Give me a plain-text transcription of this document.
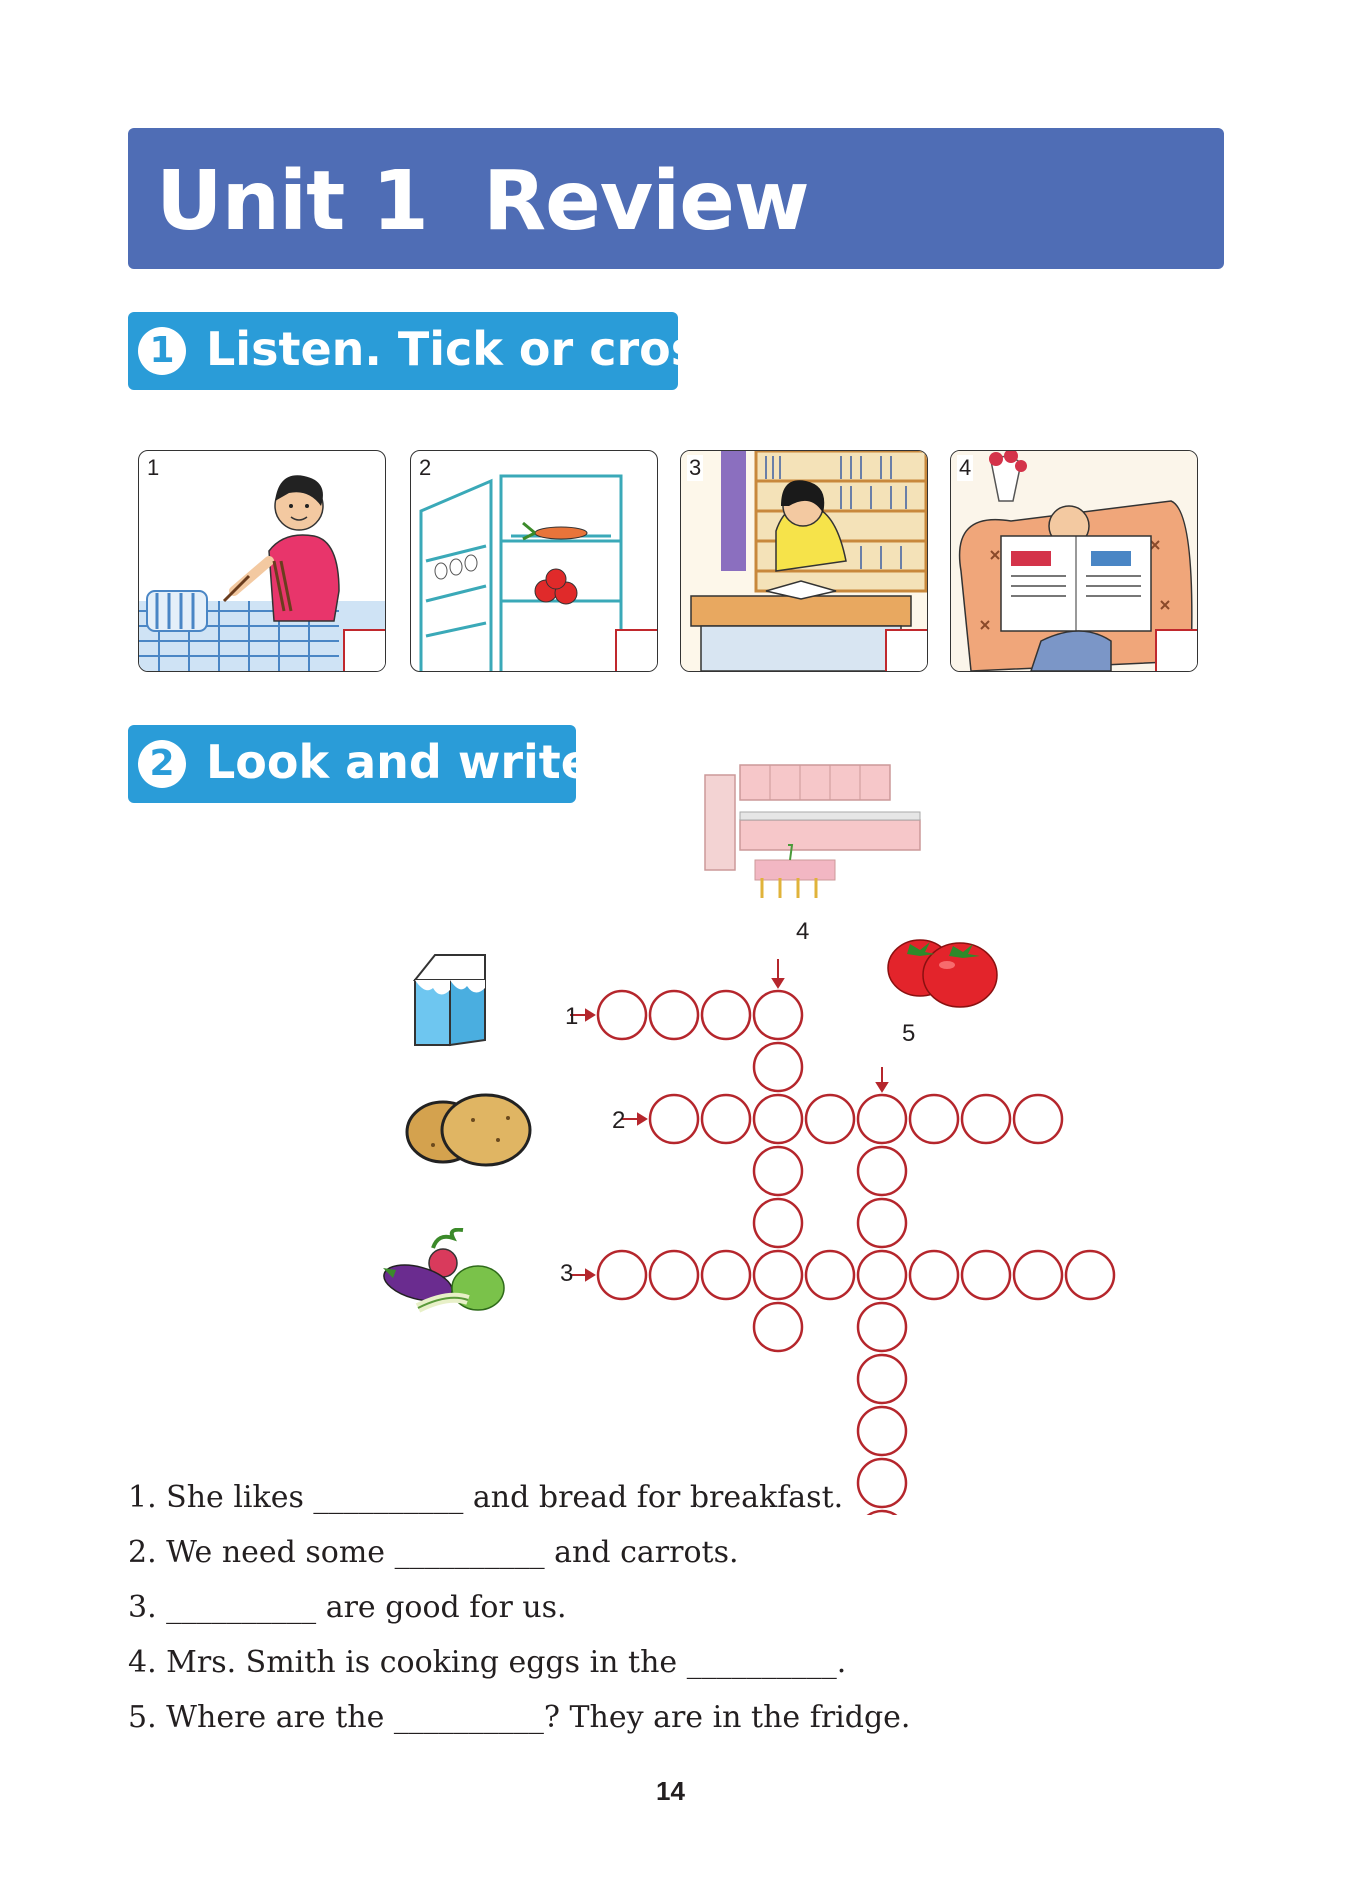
Unit 1  Review
1 Listen. Tick or cross.
1	2	3	4
2 Look and write
1
2
3
4
5
1. She likes __________ and bread for breakfast.
2. We need some __________ and carrots.
3. __________ are good for us.
4. Mrs. Smith is cooking eggs in the __________.
5. Where are the __________? They are in the fridge.
14
